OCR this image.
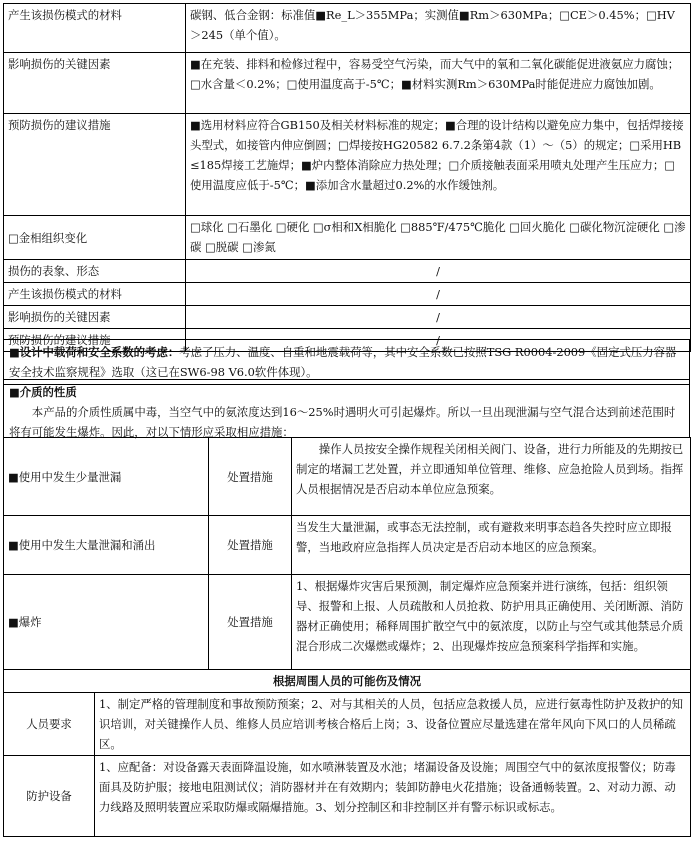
产生该损伤模式的材料	碳钢、低合金钢：标准值■Re_L＞355MPa；实测值■Rm＞630MPa；□CE＞0.45%；□HV＞245（单个值）。
影响损伤的关键因素	■在充装、排料和检修过程中，容易受空气污染，而大气中的氧和二氧化碳能促进液氨应力腐蚀；□水含量＜0.2%；□使用温度高于-5℃；■材料实测Rm＞630MPa时能促进应力腐蚀加剧。
预防损伤的建议措施	■选用材料应符合GB150及相关材料标准的规定；■合理的设计结构以避免应力集中，包括焊接接头型式，如接管内伸应倒圆；□焊接按HG20582 6.7.2条第4款（1）～（5）的规定；□采用HB≤185焊接工艺施焊；■炉内整体消除应力热处理；□介质接触表面采用喷丸处理产生压应力；□使用温度应低于-5℃；■添加含水量超过0.2%的水作缓蚀剂。
□金相组织变化	□球化 □石墨化 □硬化 □σ相和X相脆化 □885℉/475℃脆化 □回火脆化 □碳化物沉淀硬化 □渗碳 □脱碳 □渗氮
损伤的表象、形态	/
产生该损伤模式的材料	/
影响损伤的关键因素	/
预防损伤的建议措施	/
■设计中载荷和安全系数的考虑：考虑了压力、温度、自重和地震载荷等，其中安全系数已按照TSG R0004-2009《固定式压力容器安全技术监察规程》选取（这已在SW6-98 V6.0软件体现）。
■介质的性质
本产品的介质性质属中毒，当空气中的氨浓度达到16～25%时遇明火可引起爆炸。所以一旦出现泄漏与空气混合达到前述范围时将有可能发生爆炸。因此，对以下情形应采取相应措施：
■使用中发生少量泄漏	处置措施	操作人员按安全操作规程关闭相关阀门、设备，进行力所能及的先期按已制定的堵漏工艺处置，并立即通知单位管理、维修、应急抢险人员到场。指挥人员根据情况是否启动本单位应急预案。
■使用中发生大量泄漏和涌出	处置措施	当发生大量泄漏，或事态无法控制，或有避救来明事态趋各失控时应立即报警，当地政府应急指挥人员决定是否启动本地区的应急预案。
■爆炸	处置措施	1、根据爆炸灾害后果预测，制定爆炸应急预案并进行演练，包括：组织领导、报警和上报、人员疏散和人员抢救、防护用具正确使用、关闭断源、消防器材正确使用；稀释周围扩散空气中的氨浓度，以防止与空气或其他禁忌介质混合形成二次爆燃或爆炸；2、出现爆炸按应急预案科学指挥和实施。
根据周围人员的可能伤及情况	
人员要求	1、制定严格的管理制度和事故预防预案；2、对与其相关的人员，包括应急救援人员，应进行氨毒性防护及救护的知识培训，对关键操作人员、维修人员应培训考核合格后上岗；3、设备位置应尽量选建在常年风向下风口的人员稀疏区。
防护设备	1、应配备：对设备露天表面降温设施，如水喷淋装置及水池；堵漏设备及设施；周围空气中的氨浓度报警仪；防毒面具及防护服；接地电阻测试仪；消防器材并在有效期内；装卸防静电火花措施；设备通畅装置。2、对动力源、动力线路及照明装置应采取防爆或隔爆措施。3、划分控制区和非控制区并有警示标识或标志。
